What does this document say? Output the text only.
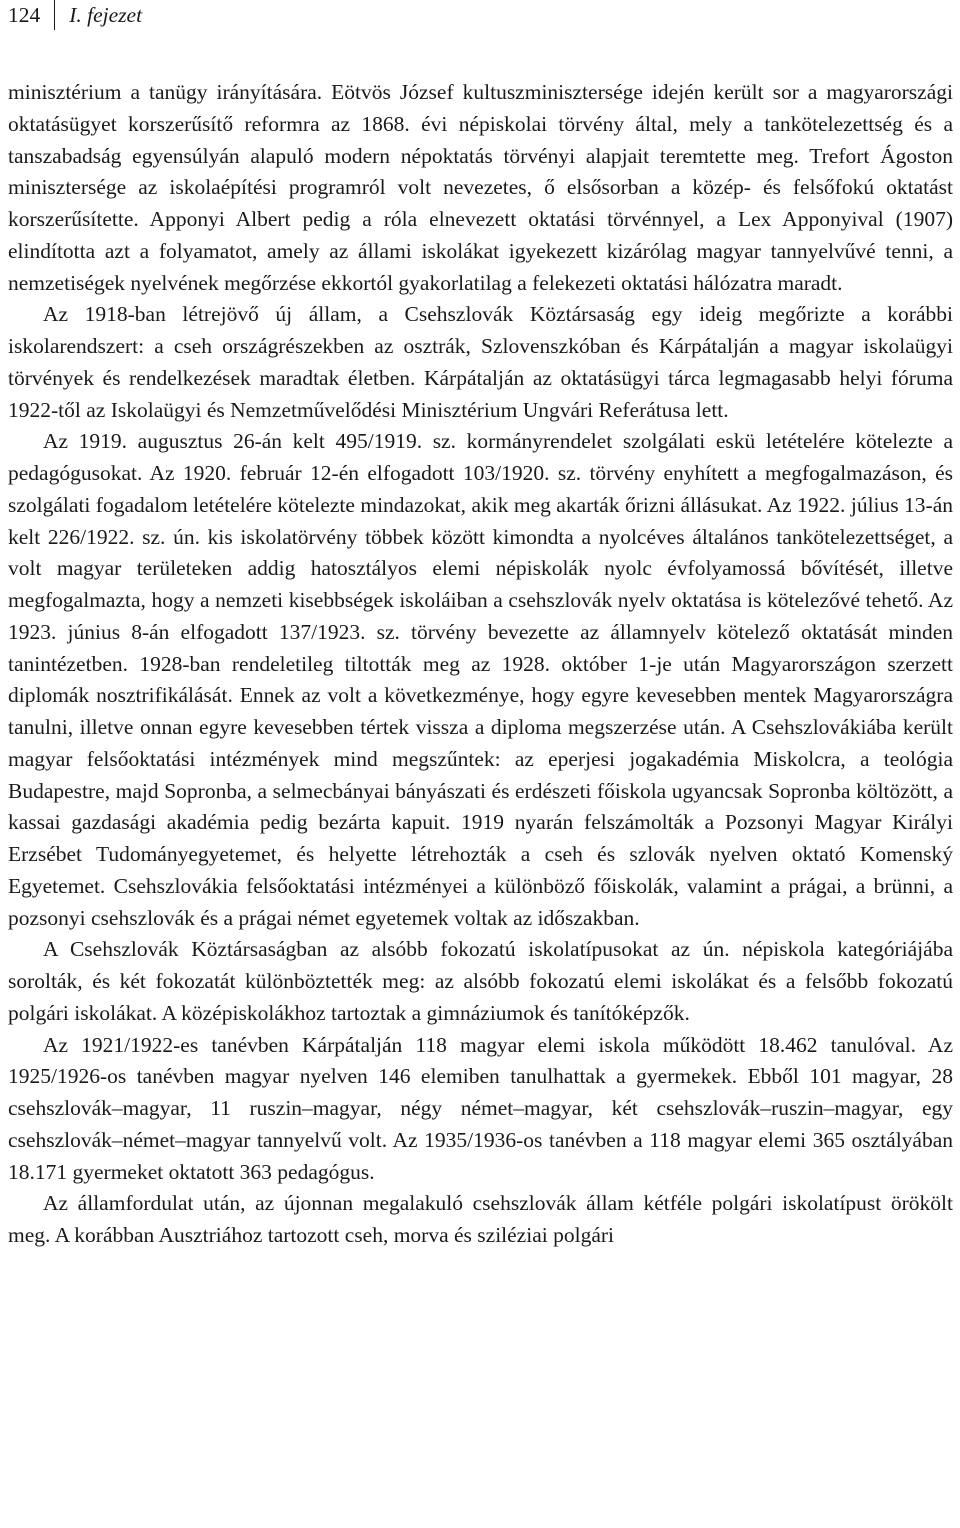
124	I. fejezet

minisztérium a tanügy irányítására. Eötvös József kultuszminisztersége idején került sor a magyarországi oktatásügyet korszerűsítő reformra az 1868. évi népiskolai törvény által, mely a tankötelezettség és a tanszabadság egyensúlyán alapuló modern népoktatás törvényi alapjait teremtette meg. Trefort Ágoston minisztersége az iskolaépítési programról volt nevezetes, ő elsősorban a közép- és felsőfokú oktatást korszerűsítette. Apponyi Albert pedig a róla elnevezett oktatási törvénnyel, a Lex Apponyival (1907) elindította azt a folyamatot, amely az állami iskolákat igyekezett kizárólag magyar tannyelvűvé tenni, a nemzetiségek nyelvének megőrzése ekkortól gyakorlatilag a felekezeti oktatási hálózatra maradt.

Az 1918-ban létrejövő új állam, a Csehszlovák Köztársaság egy ideig megőrizte a korábbi iskolarendszert: a cseh országrészekben az osztrák, Szlovenszkóban és Kárpátalján a magyar iskolaügyi törvények és rendelkezések maradtak életben. Kárpátalján az oktatásügyi tárca legmagasabb helyi fóruma 1922-től az Iskolaügyi és Nemzetművelődési Minisztérium Ungvári Referátusa lett.

Az 1919. augusztus 26-án kelt 495/1919. sz. kormányrendelet szolgálati eskü letételére kötelezte a pedagógusokat. Az 1920. február 12-én elfogadott 103/1920. sz. törvény enyhített a megfogalmazáson, és szolgálati fogadalom letételére kötelezte mindazokat, akik meg akarták őrizni állásukat. Az 1922. július 13-án kelt 226/1922. sz. ún. kis iskolatörvény többek között kimondta a nyolcéves általános tankötelezettséget, a volt magyar területeken addig hatosztályos elemi népiskolák nyolc évfolyamossá bővítését, illetve megfogalmazta, hogy a nemzeti kisebbségek iskoláiban a csehszlovák nyelv oktatása is kötelezővé tehető. Az 1923. június 8-án elfogadott 137/1923. sz. törvény bevezette az államnyelv kötelező oktatását minden tanintézetben. 1928-ban rendeletileg tiltották meg az 1928. október 1-je után Magyarországon szerzett diplomák nosztrifikálását. Ennek az volt a következménye, hogy egyre kevesebben mentek Magyarországra tanulni, illetve onnan egyre kevesebben tértek vissza a diploma megszerzése után. A Csehszlovákiába került magyar felsőoktatási intézmények mind megszűntek: az eperjesi jogakadémia Miskolcra, a teológia Budapestre, majd Sopronba, a selmecbányai bányászati és erdészeti főiskola ugyancsak Sopronba költözött, a kassai gazdasági akadémia pedig bezárta kapuit. 1919 nyarán felszámolták a Pozsonyi Magyar Királyi Erzsébet Tudományegyetemet, és helyette létrehozták a cseh és szlovák nyelven oktató Komenský Egyetemet. Csehszlovákia felsőoktatási intézményei a különböző főiskolák, valamint a prágai, a brünni, a pozsonyi csehszlovák és a prágai német egyetemek voltak az időszakban.

A Csehszlovák Köztársaságban az alsóbb fokozatú iskolatípusokat az ún. népiskola kategóriájába sorolták, és két fokozatát különböztették meg: az alsóbb fokozatú elemi iskolákat és a felsőbb fokozatú polgári iskolákat. A középiskolákhoz tartoztak a gimnáziumok és tanítóképzők.

Az 1921/1922-es tanévben Kárpátalján 118 magyar elemi iskola működött 18.462 tanulóval. Az 1925/1926-os tanévben magyar nyelven 146 elemiben tanulhattak a gyermekek. Ebből 101 magyar, 28 csehszlovák–magyar, 11 ruszin–magyar, négy német–magyar, két csehszlovák–ruszin–magyar, egy csehszlovák–német–magyar tannyelvű volt. Az 1935/1936-os tanévben a 118 magyar elemi 365 osztályában 18.171 gyermeket oktatott 363 pedagógus.

Az államfordulat után, az újonnan megalakuló csehszlovák állam kétféle polgári iskolatípust örökölt meg. A korábban Ausztriához tartozott cseh, morva és sziléziai polgári
